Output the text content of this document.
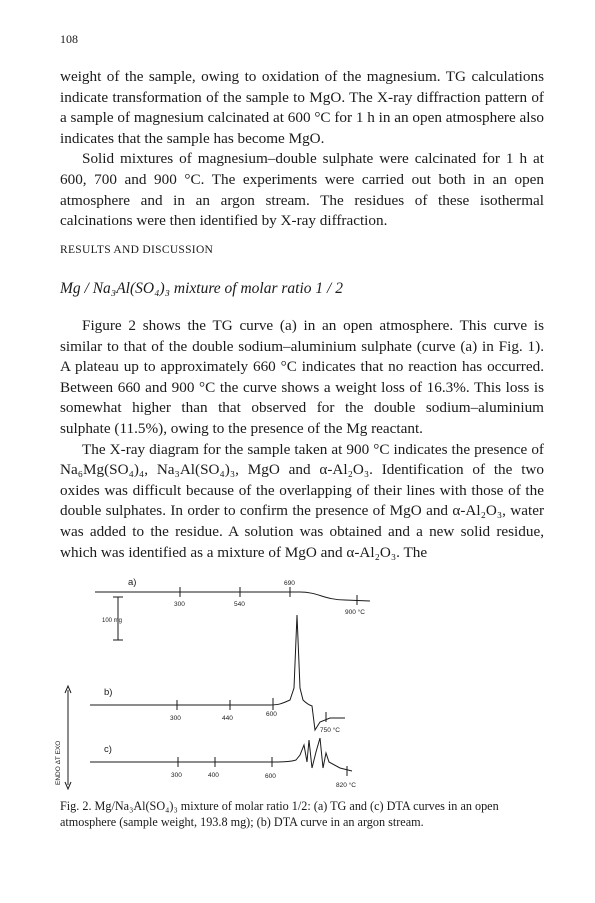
108

weight of the sample, owing to oxidation of the magnesium. TG calculations indicate transformation of the sample to MgO. The X-ray diffraction pattern of a sample of magnesium calcinated at 600 °C for 1 h in an open atmosphere also indicates that the sample has become MgO.

Solid mixtures of magnesium–double sulphate were calcinated for 1 h at 600, 700 and 900 °C. The experiments were carried out both in an open atmosphere and in an argon stream. The residues of these isothermal calcinations were then identified by X-ray diffraction.

RESULTS AND DISCUSSION
Mg / Na₃Al(SO₄)₃ mixture of molar ratio 1 / 2

Figure 2 shows the TG curve (a) in an open atmosphere. This curve is similar to that of the double sodium–aluminium sulphate (curve (a) in Fig. 1). A plateau up to approximately 660 °C indicates that no reaction has occurred. Between 660 and 900 °C the curve shows a weight loss of 16.3%. This loss is somewhat higher than that observed for the double sodium–aluminium sulphate (11.5%), owing to the presence of the Mg reactant.

The X-ray diagram for the sample taken at 900 °C indicates the presence of Na₆Mg(SO₄)₄, Na₃Al(SO₄)₃, MgO and α-Al₂O₃. Identification of the two oxides was difficult because of the overlapping of their lines with those of the double sulphates. In order to confirm the presence of MgO and α-Al₂O₃, water was added to the residue. A solution was obtained and a new solid residue, which was identified as a mixture of MgO and α-Al₂O₃. The

a)
b)
c)
100 mg
300	540
690
900 °C
300	440
600
750 °C
300	400	600
820 °C
ENDO ΔT EXO
Fig. 2. Mg/Na₃Al(SO₄)₃ mixture of molar ratio 1/2: (a) TG and (c) DTA curves in an open atmosphere (sample weight, 193.8 mg); (b) DTA curve in an argon stream.
